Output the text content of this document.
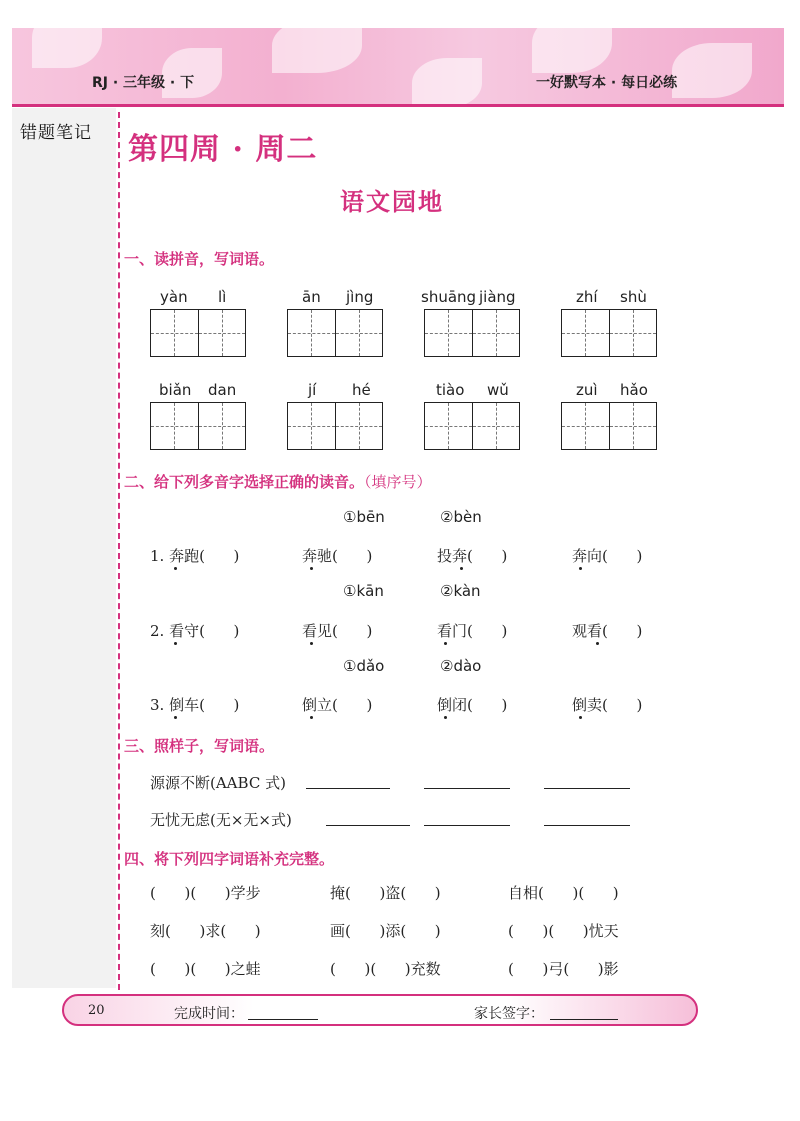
RJ · 三年级 · 下	一好默写本 · 每日必练
错题笔记 第四周 · 周二
语文园地
一、读拼音，写词语。
yàn lì	ān jìng	shuāng jiàng	zhí shù
biǎn dan	jí hé	tiào wǔ	zuì hǎo
二、给下列多音字选择正确的读音。（填序号）
①bēn	②bèn
1. 奔跑(      )	奔驰(      )	投奔(      )	奔向(      )
①kān	②kàn
2. 看守(      )	看见(      )	看门(      )	观看(      )
①dǎo	②dào
3. 倒车(      )	倒立(      )	倒闭(      )	倒卖(      )
三、照样子，写词语。
源源不断(AABC 式)
无忧无虑(无×无×式)
四、将下列四字词语补充完整。
(      )(      )学步	掩(      )盗(      )	自相(      )(      )
刻(      )求(      )	画(      )添(      )	(      )(      )忧天
(      )(      )之蛙	(      )(      )充数	(      )弓(      )影
20	完成时间：	家长签字：
